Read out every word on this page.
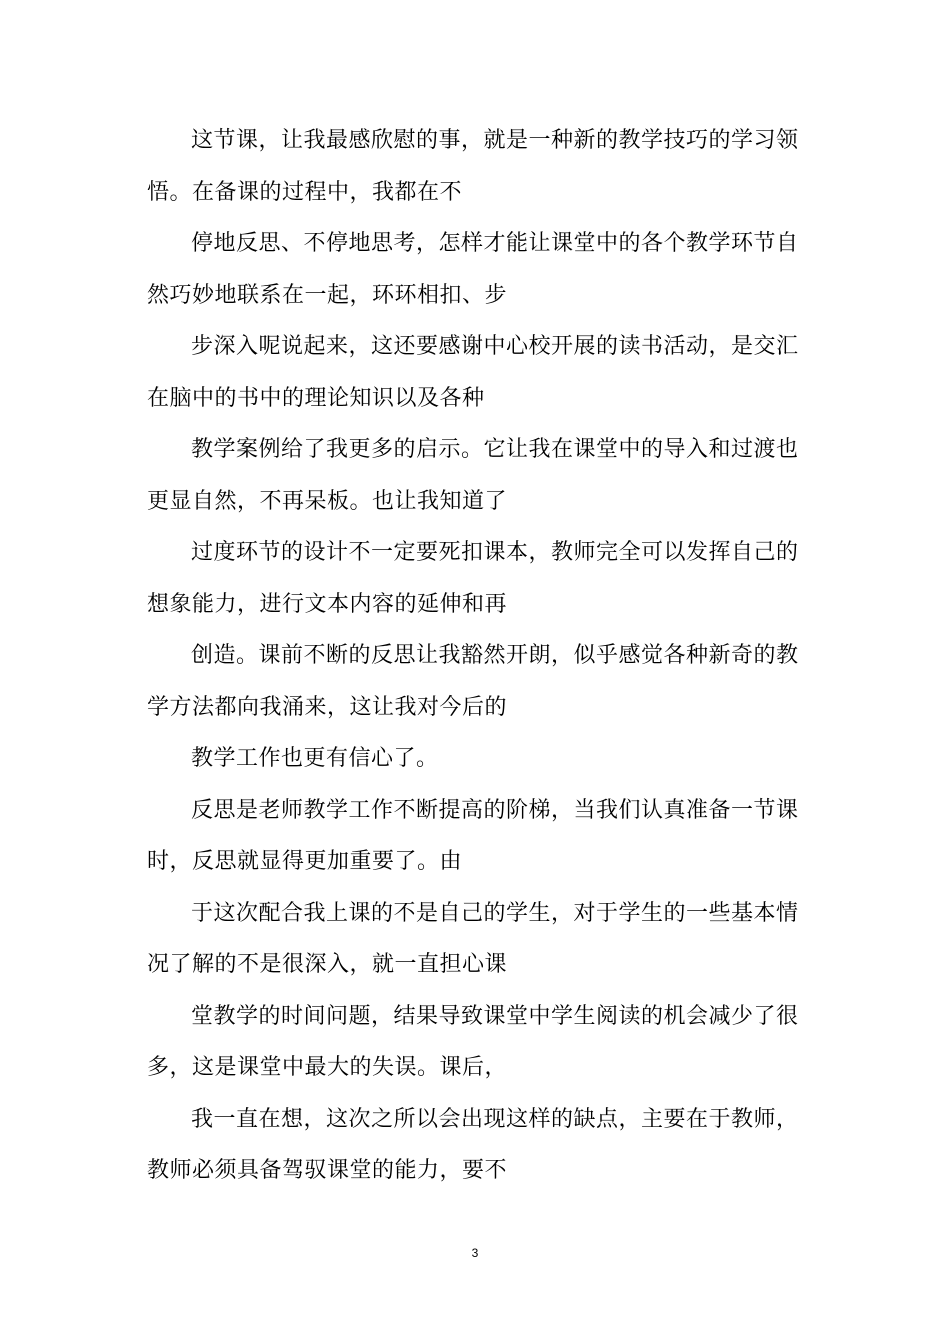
这节课，让我最感欣慰的事，就是一种新的教学技巧的学习领
悟。在备课的过程中，我都在不

停地反思、不停地思考，怎样才能让课堂中的各个教学环节自
然巧妙地联系在一起，环环相扣、步

步深入呢说起来，这还要感谢中心校开展的读书活动，是交汇
在脑中的书中的理论知识以及各种

教学案例给了我更多的启示。它让我在课堂中的导入和过渡也
更显自然，不再呆板。也让我知道了

过度环节的设计不一定要死扣课本，教师完全可以发挥自己的
想象能力，进行文本内容的延伸和再

创造。课前不断的反思让我豁然开朗，似乎感觉各种新奇的教
学方法都向我涌来，这让我对今后的

教学工作也更有信心了。

反思是老师教学工作不断提高的阶梯，当我们认真准备一节课
时，反思就显得更加重要了。由

于这次配合我上课的不是自己的学生，对于学生的一些基本情
况了解的不是很深入，就一直担心课

堂教学的时间问题，结果导致课堂中学生阅读的机会减少了很
多，这是课堂中最大的失误。课后，

我一直在想，这次之所以会出现这样的缺点，主要在于教师，
教师必须具备驾驭课堂的能力，要不

3
